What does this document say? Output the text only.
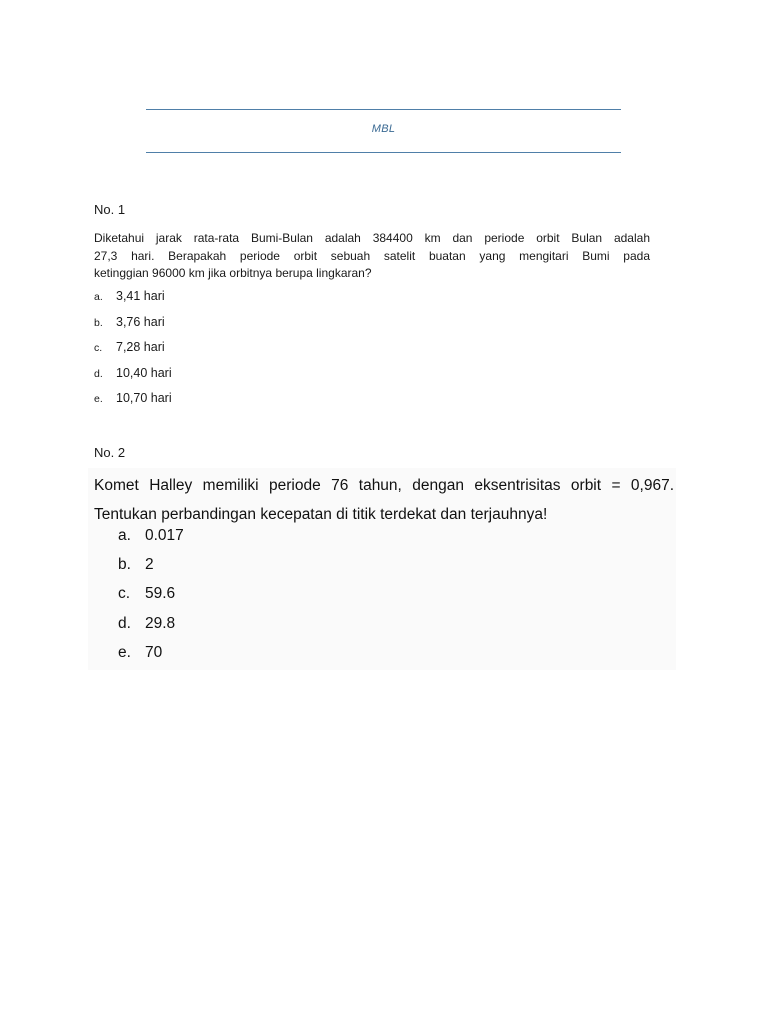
MBL
No. 1

Diketahui jarak rata-rata Bumi-Bulan adalah 384400 km dan periode orbit Bulan adalah
27,3 hari. Berapakah periode orbit sebuah satelit buatan yang mengitari Bumi pada
ketinggian 96000 km jika orbitnya berupa lingkaran?

a.	3,41 hari
b.	3,76 hari
c.	7,28 hari
d.	10,40 hari
e.	10,70 hari
No. 2

Komet Halley memiliki periode 76 tahun, dengan eksentrisitas orbit = 0,967.
Tentukan perbandingan kecepatan di titik terdekat dan terjauhnya!

a. 0.017
b. 2
c. 59.6
d. 29.8
e. 70
